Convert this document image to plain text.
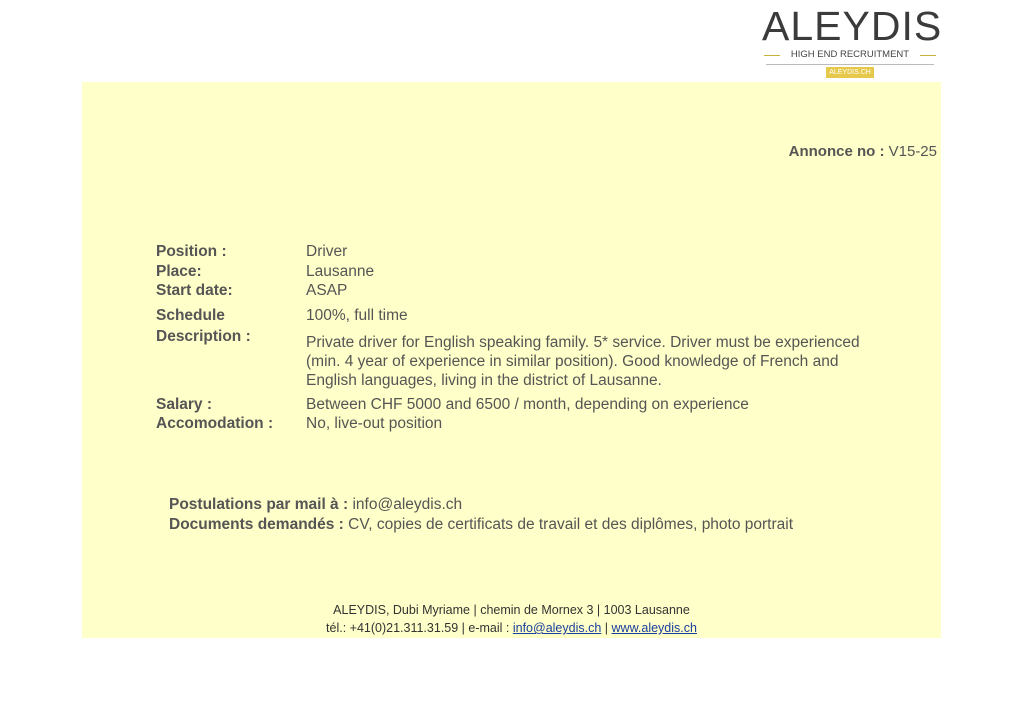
ALEYDIS
HIGH END RECRUITMENT
ALEYDIS.CH
Annonce no : V15-25
Position :	Driver
Place:	Lausanne
Start date:	ASAP
Schedule	100%, full time
Description :	Private driver for English speaking family. 5* service. Driver must be experienced (min. 4 year of experience in similar position). Good knowledge of French and English languages, living in the district of Lausanne.
Salary :	Between CHF 5000 and 6500 / month, depending on experience
Accomodation :	No, live-out position
Postulations par mail à : info@aleydis.ch
Documents demandés : CV, copies de certificats de travail et des diplômes, photo portrait
ALEYDIS, Dubi Myriame | chemin de Mornex 3 | 1003 Lausanne
tél.: +41(0)21.311.31.59 | e-mail : info@aleydis.ch | www.aleydis.ch
